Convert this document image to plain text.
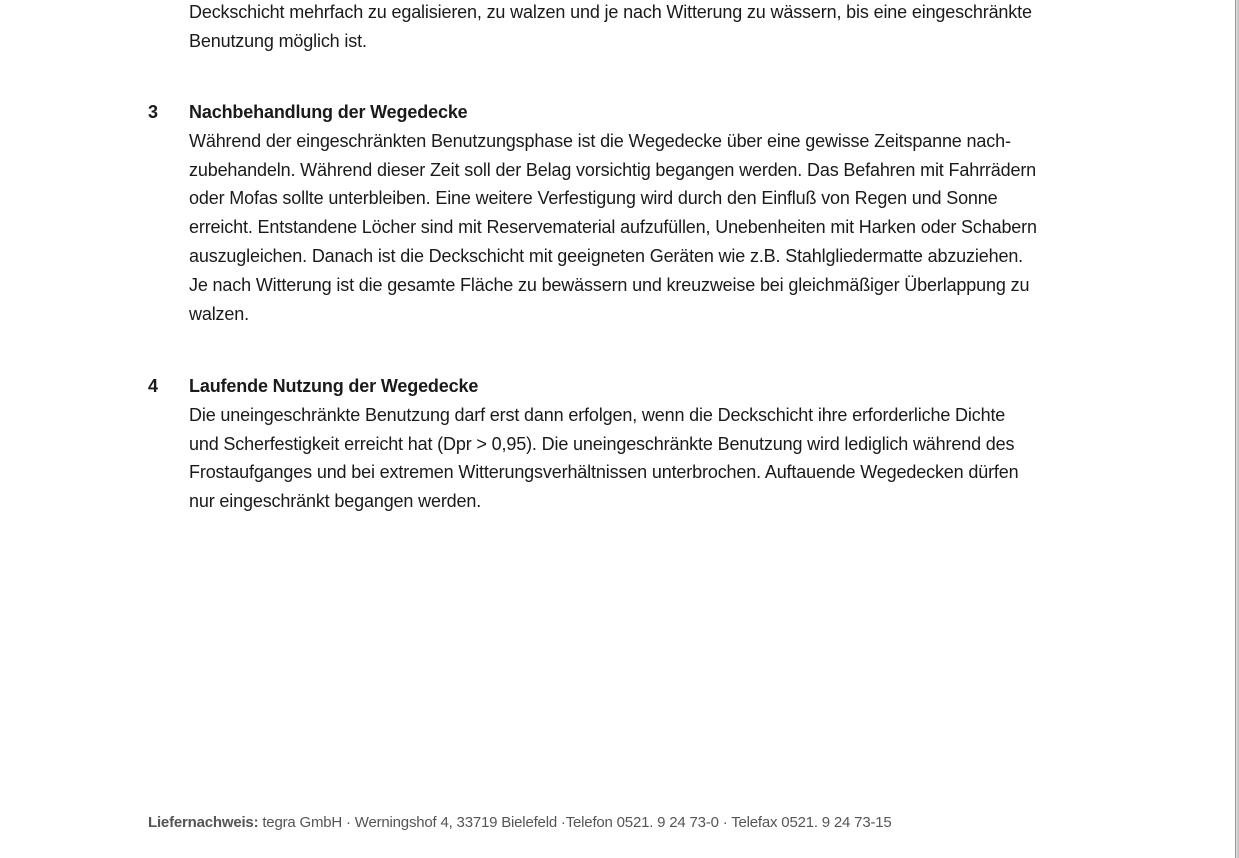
Deckschicht mehrfach zu egalisieren, zu walzen und je nach Witterung zu wässern, bis eine eingeschränkte
Benutzung möglich ist.
3 Nachbehandlung der Wegedecke
Während der eingeschränkten Benutzungsphase ist die Wegedecke über eine gewisse Zeitspanne nach-
zubehandeln. Während dieser Zeit soll der Belag vorsichtig begangen werden. Das Befahren mit Fahrrädern
oder Mofas sollte unterbleiben. Eine weitere Verfestigung wird durch den Einfluß von Regen und Sonne
erreicht. Entstandene Löcher sind mit Reservematerial aufzufüllen, Unebenheiten mit Harken oder Schabern
auszugleichen. Danach ist die Deckschicht mit geeigneten Geräten wie z.B. Stahlgliedermatte abzuziehen.
Je nach Witterung ist die gesamte Fläche zu bewässern und kreuzweise bei gleichmäßiger Überlappung zu
walzen.
4 Laufende Nutzung der Wegedecke
Die uneingeschränkte Benutzung darf erst dann erfolgen, wenn die Deckschicht ihre erforderliche Dichte
und Scherfestigkeit erreicht hat (Dpr > 0,95). Die uneingeschränkte Benutzung wird lediglich während des
Frostaufganges und bei extremen Witterungsverhältnissen unterbrochen. Auftauende Wegedecken dürfen
nur eingeschränkt begangen werden.
Liefernachweis: tegra GmbH · Werningshof 4, 33719 Bielefeld ·Telefon 0521. 9 24 73-0 · Telefax 0521. 9 24 73-15
